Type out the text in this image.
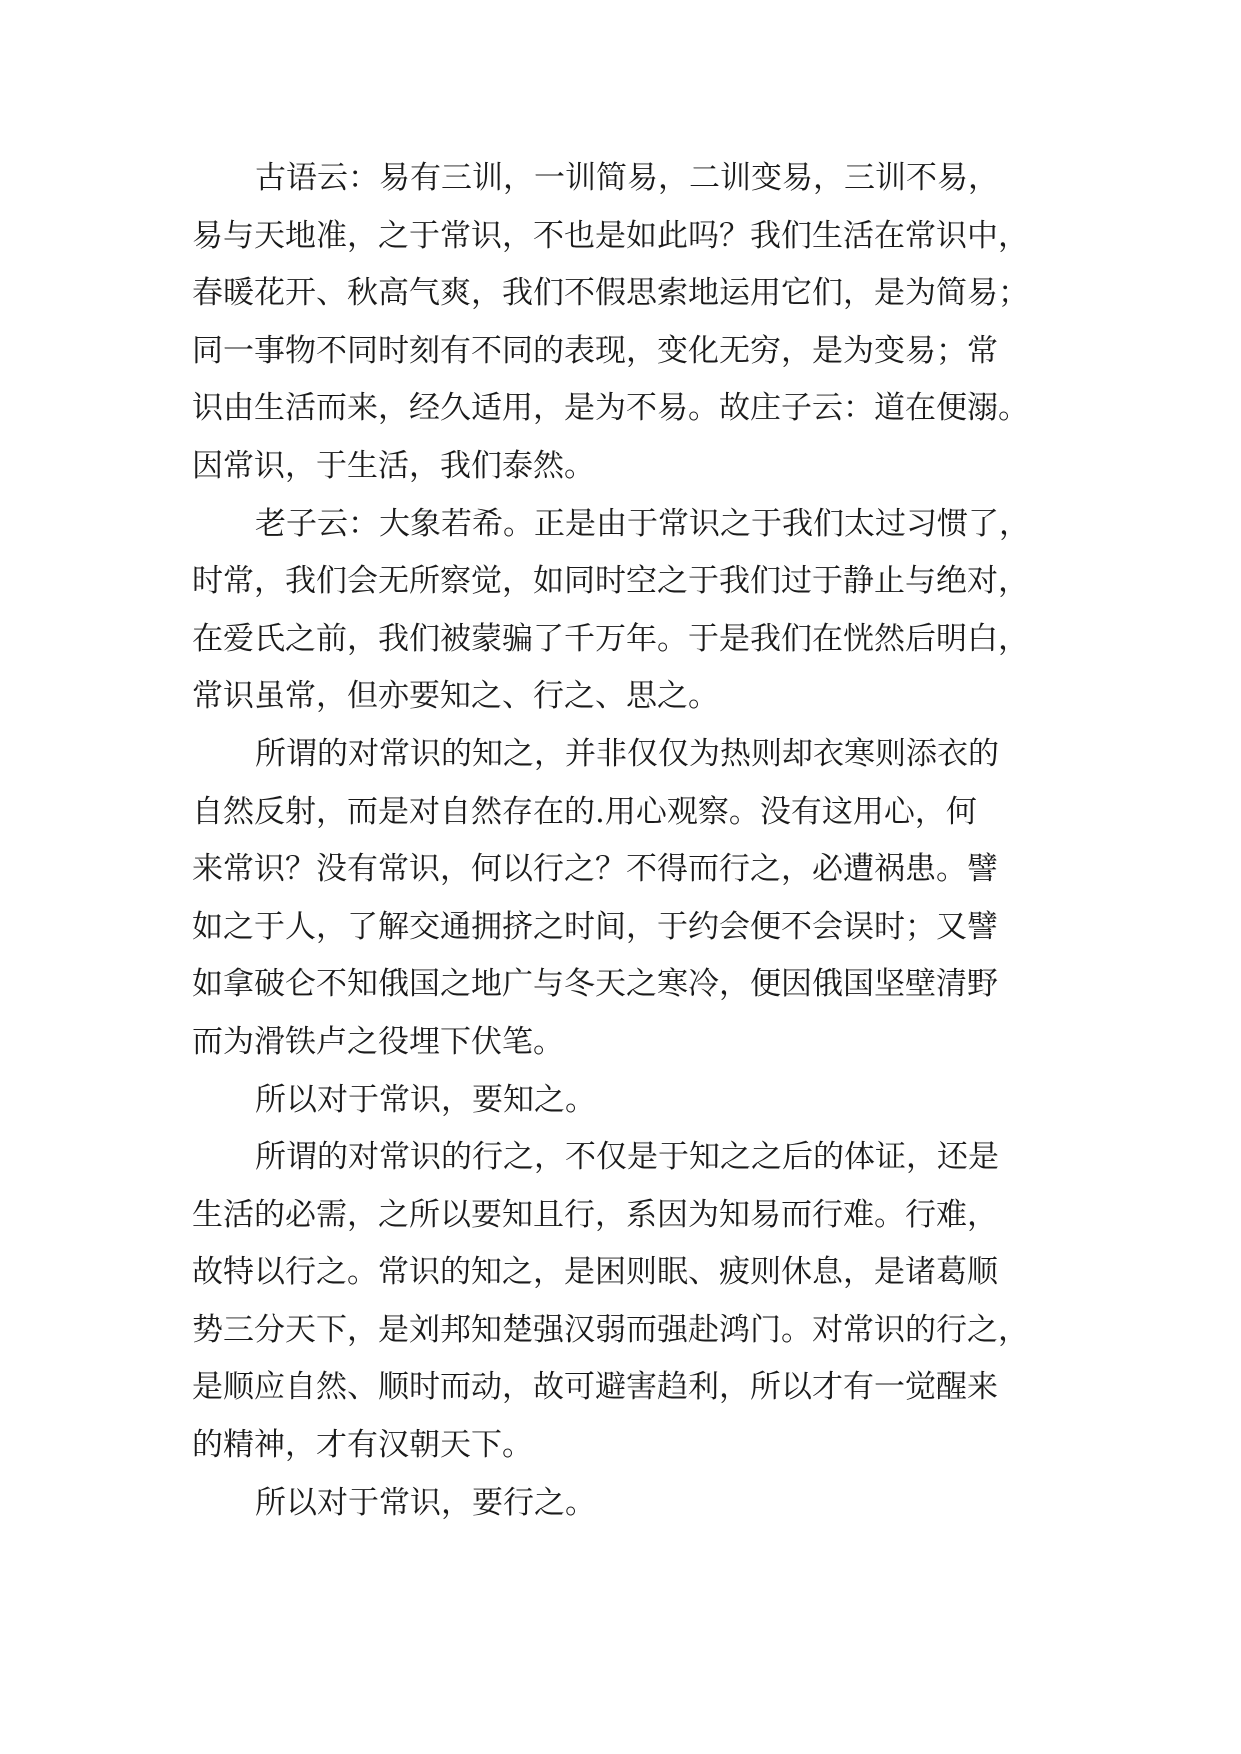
古语云：易有三训，一训简易，二训变易，三训不易，
易与天地准，之于常识，不也是如此吗？我们生活在常识中，
春暖花开、秋高气爽，我们不假思索地运用它们，是为简易；
同一事物不同时刻有不同的表现，变化无穷，是为变易；常
识由生活而来，经久适用，是为不易。故庄子云：道在便溺。
因常识，于生活，我们泰然。
老子云：大象若希。正是由于常识之于我们太过习惯了，
时常，我们会无所察觉，如同时空之于我们过于静止与绝对，
在爱氏之前，我们被蒙骗了千万年。于是我们在恍然后明白，
常识虽常，但亦要知之、行之、思之。
所谓的对常识的知之，并非仅仅为热则却衣寒则添衣的
自然反射，而是对自然存在的.用心观察。没有这用心，何
来常识？没有常识，何以行之？不得而行之，必遭祸患。譬
如之于人，了解交通拥挤之时间，于约会便不会误时；又譬
如拿破仑不知俄国之地广与冬天之寒冷，便因俄国坚壁清野
而为滑铁卢之役埋下伏笔。
所以对于常识，要知之。
所谓的对常识的行之，不仅是于知之之后的体证，还是
生活的必需，之所以要知且行，系因为知易而行难。行难，
故特以行之。常识的知之，是困则眠、疲则休息，是诸葛顺
势三分天下，是刘邦知楚强汉弱而强赴鸿门。对常识的行之，
是顺应自然、顺时而动，故可避害趋利，所以才有一觉醒来
的精神，才有汉朝天下。
所以对于常识，要行之。
